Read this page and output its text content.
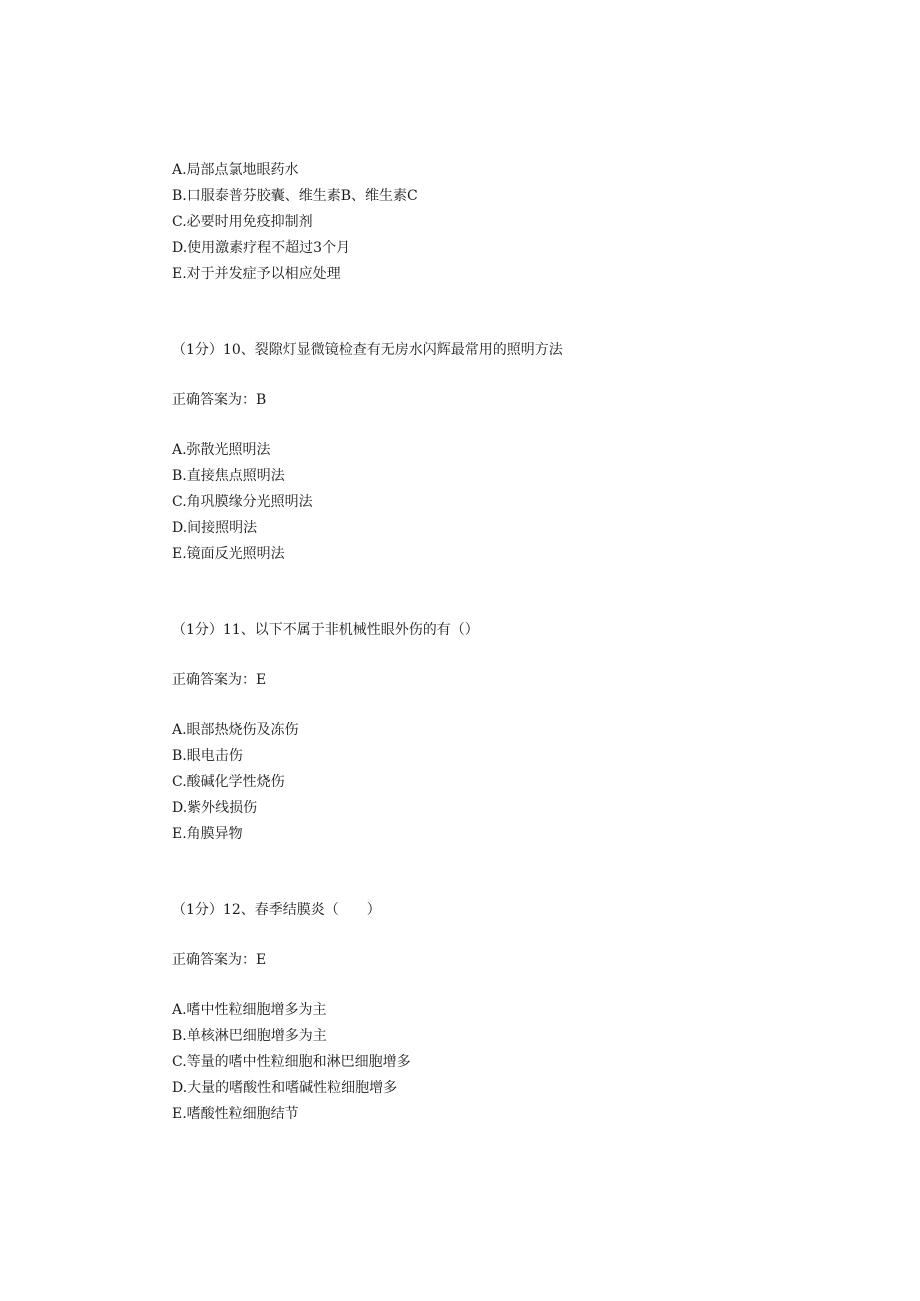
A.局部点氯地眼药水
B.口服泰普芬胶囊、维生素B、维生素C
C.必要时用免疫抑制剂
D.使用激素疗程不超过3个月
E.对于并发症予以相应处理
（1分）10、裂隙灯显微镜检查有无房水闪辉最常用的照明方法
正确答案为：B
A.弥散光照明法
B.直接焦点照明法
C.角巩膜缘分光照明法
D.间接照明法
E.镜面反光照明法
（1分）11、以下不属于非机械性眼外伤的有（）
正确答案为：E
A.眼部热烧伤及冻伤
B.眼电击伤
C.酸碱化学性烧伤
D.紫外线损伤
E.角膜异物
（1分）12、春季结膜炎（　　）
正确答案为：E
A.嗜中性粒细胞增多为主
B.单核淋巴细胞增多为主
C.等量的嗜中性粒细胞和淋巴细胞增多
D.大量的嗜酸性和嗜碱性粒细胞增多
E.嗜酸性粒细胞结节
